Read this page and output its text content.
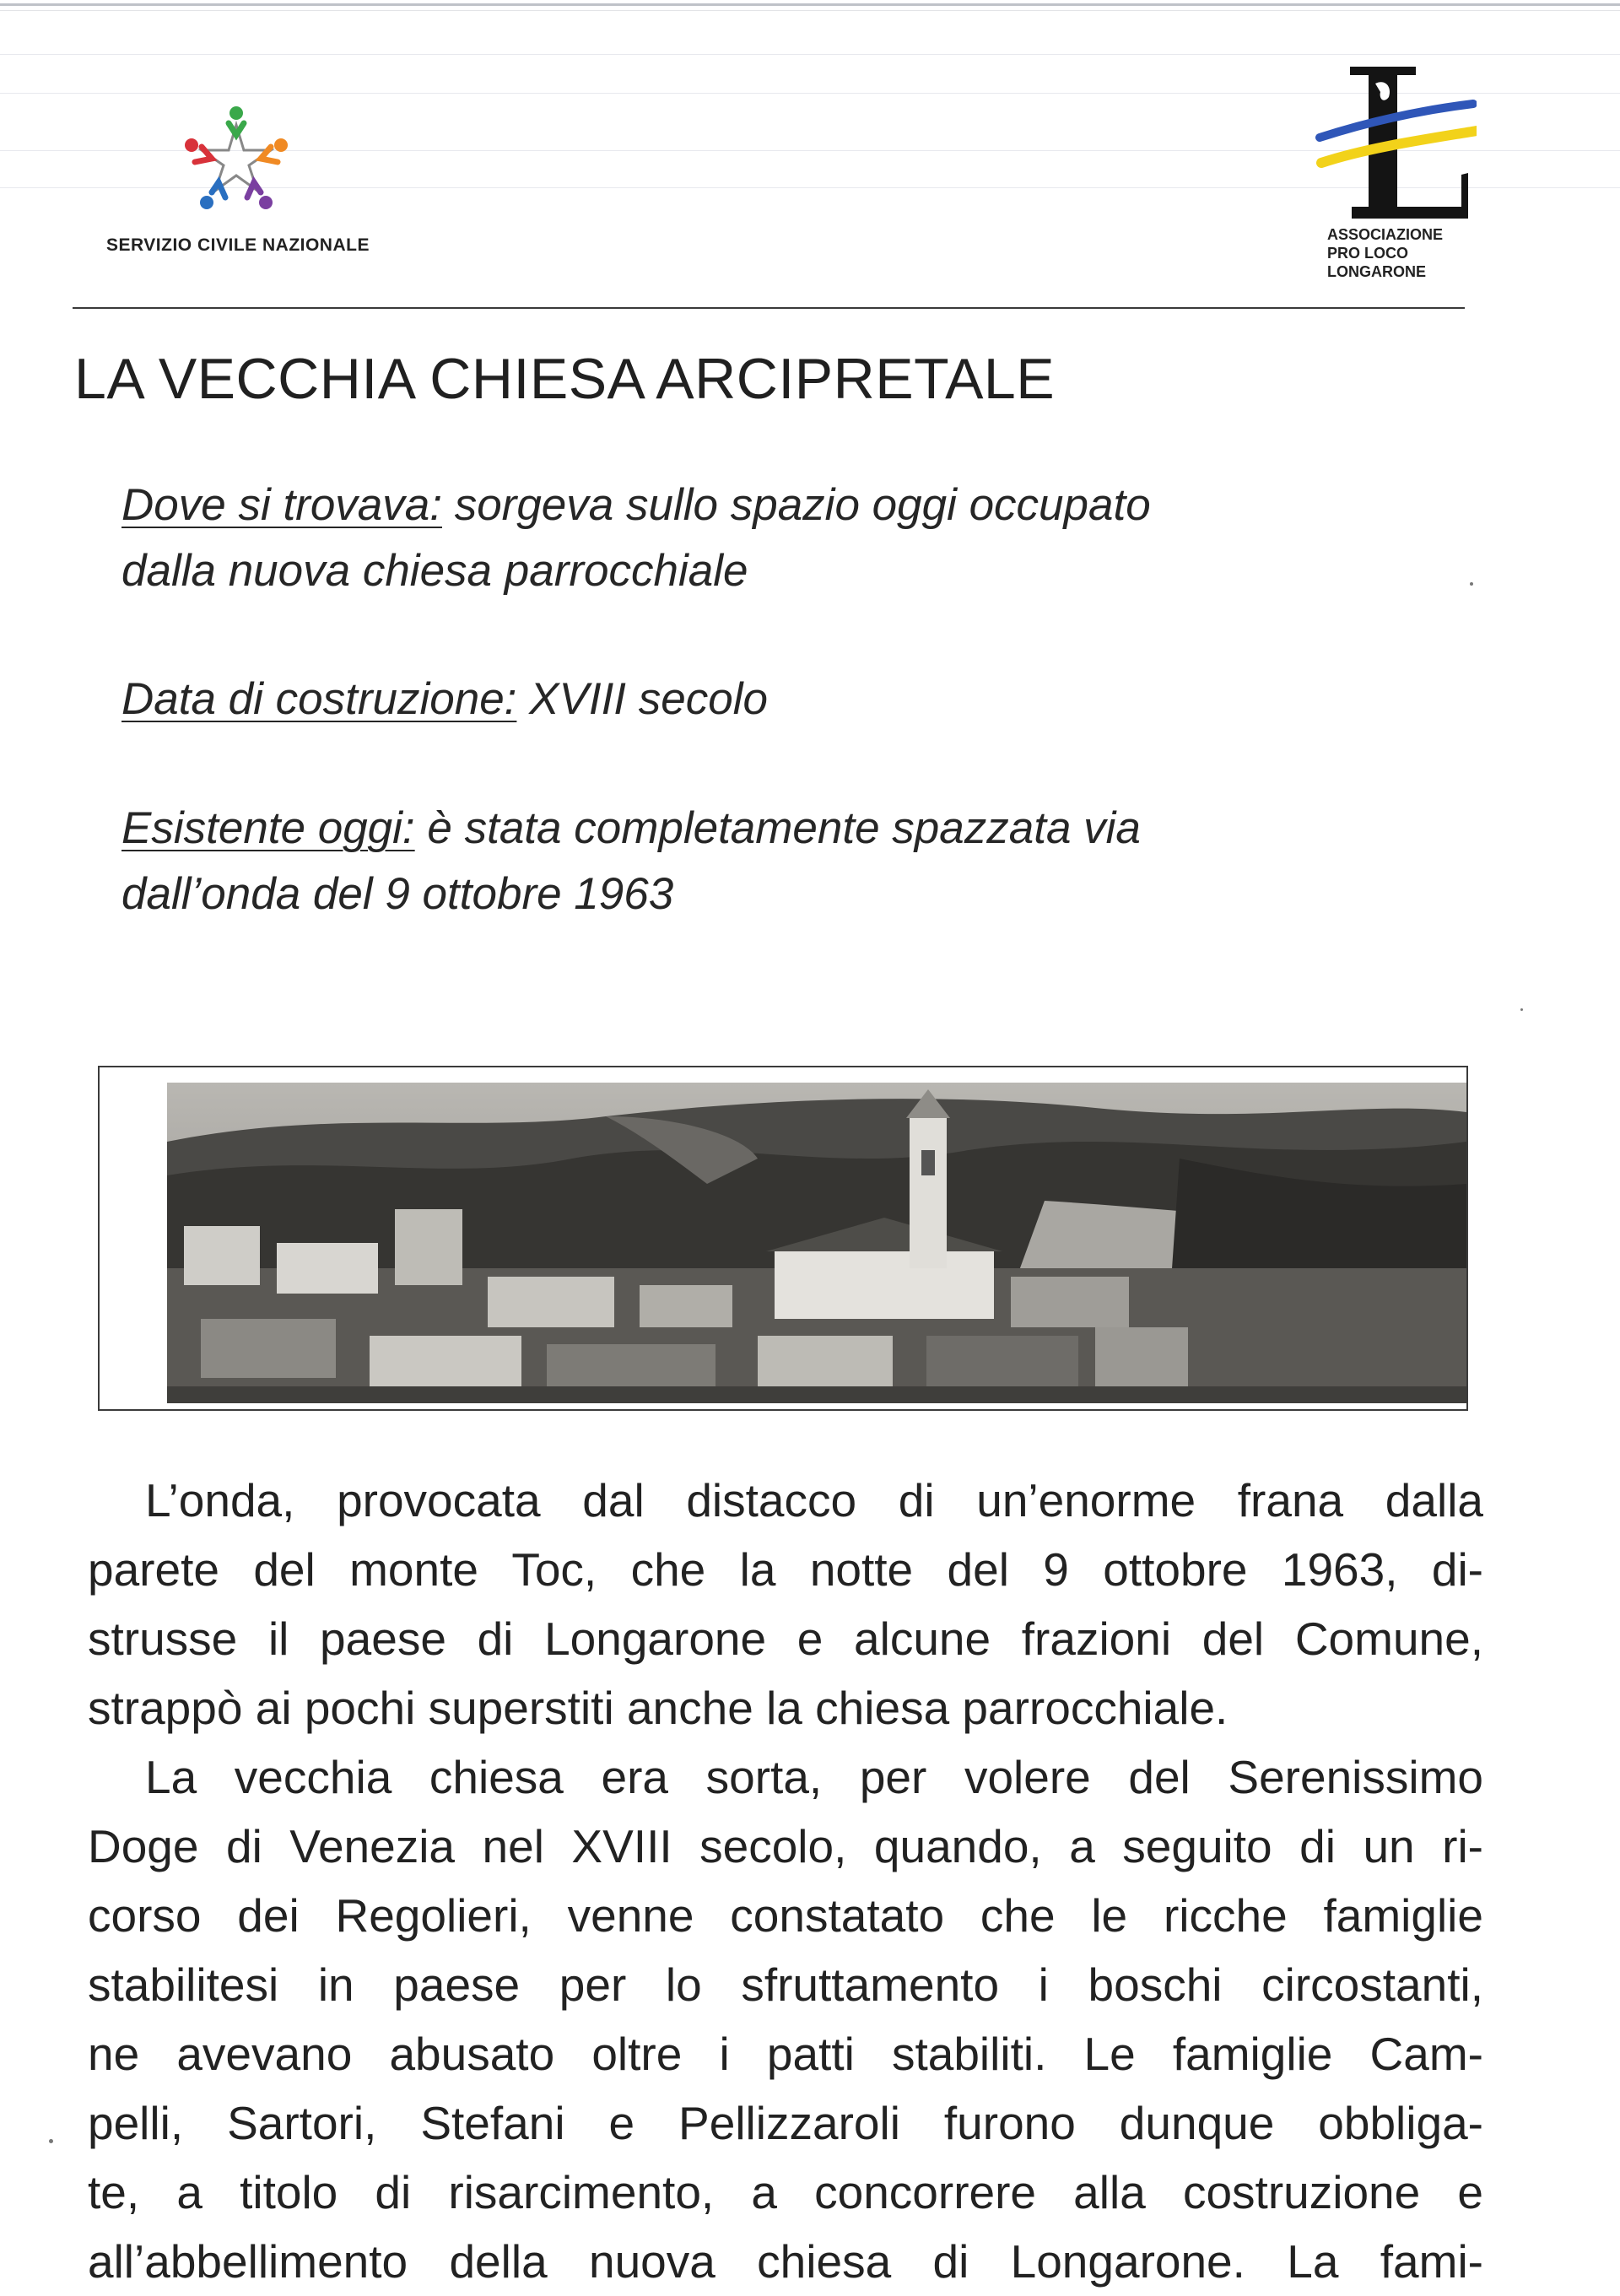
SERVIZIO CIVILE NAZIONALE
ASSOCIAZIONE
PRO LOCO
LONGARONE
LA VECCHIA CHIESA ARCIPRETALE
Dove si trovava: sorgeva sullo spazio oggi occupato
dalla nuova chiesa parrocchiale
Data di costruzione: XVIII secolo
Esistente oggi: è stata completamente spazzata via
dall’onda del 9 ottobre 1963
L’onda, provocata dal distacco di un’enorme frana dalla
parete del monte Toc, che la notte del 9 ottobre 1963, di-
strusse il paese di Longarone e alcune frazioni del Comune,
strappò ai pochi superstiti anche la chiesa parrocchiale.
La vecchia chiesa era sorta, per volere del Serenissimo
Doge di Venezia nel XVIII secolo, quando, a seguito di un ri-
corso dei Regolieri, venne constatato che le ricche famiglie
stabilitesi in paese per lo sfruttamento i boschi circostanti,
ne avevano abusato oltre i patti stabiliti. Le famiglie Cam-
pelli, Sartori, Stefani e Pellizzaroli furono dunque obbliga-
te, a titolo di risarcimento, a concorrere alla costruzione e
all’abbellimento della nuova chiesa di Longarone. La fami-
